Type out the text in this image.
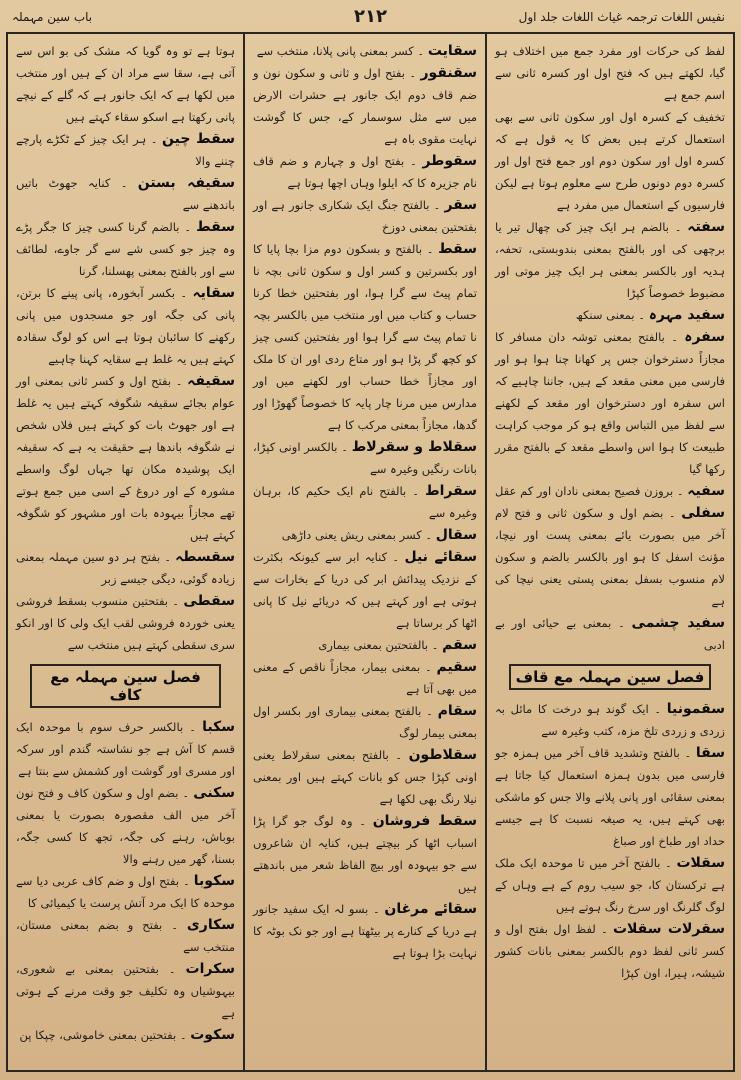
نفیس اللغات ترجمہ غیاث اللغات جلد اول
۲۱۲
باب سین مہملہ

لفظ کی حرکات اور مفرد جمع میں اختلاف ہو گیا، لکھتے ہیں کہ فتح اول اور کسرہ ثانی سے اسم جمع ہے

تخفیف کے کسرہ اول اور سکون ثانی سے بھی استعمال کرتے ہیں بعض کا یہ قول ہے کہ کسرہ اول اور سکون دوم اور جمع فتح اول اور کسرہ دوم دونوں طرح سے معلوم ہوتا ہے لیکن فارسیوں کے استعمال میں مفرد ہے

سفتہ ۔ بالضم ہر ایک چیز کی چھال تیر یا برچھی کی اور بالفتح بمعنی بندوبستی، تحفہ، ہدیہ اور بالکسر بمعنی ہر ایک چیز موتی اور مضبوط خصوصاً کپڑا

سفید مہرہ ۔ بمعنی سنکھ

سفرہ ۔ بالفتح بمعنی توشہ دان مسافر کا مجازاً دسترخوان جس پر کھانا چنا ہوا ہو اور فارسی میں معنی مقعد کے ہیں، جاننا چاہیے کہ اس سفرہ اور دسترخوان اور مقعد کے لکھنے سے لفظ میں التباس واقع ہو کر موجب کراہت طبیعت کا ہوا اس واسطے مقعد کے بالفتح مقرر رکھا گیا

سفیہ ۔ بروزن فصیح بمعنی نادان اور کم عقل

سفلی ۔ بضم اول و سکون ثانی و فتح لام آخر میں بصورت یائے بمعنی پست اور نیچا، مؤنث اسفل کا ہو اور بالکسر بالضم و سکون لام منسوب بسفل بمعنی پستی یعنی نیچا کی ہے

سفید چشمی ۔ بمعنی بے حیائی اور بے ادبی

فصل سین مہملہ مع قاف

سقمونیا ۔ ایک گوند ہو درخت کا مائل بہ زردی و زردی تلخ مزہ، کتب وغیرہ سے

سقا ۔ بالفتح وتشدید قاف آخر میں ہمزہ جو فارسی میں بدون ہمزہ استعمال کیا جاتا ہے بمعنی سقائی اور پانی پلانے والا جس کو ماشکی بھی کہتے ہیں، یہ صیغہ نسبت کا ہے جیسے حداد اور طباخ اور صباغ

سقلات ۔ بالفتح آخر میں تا موحدہ ایک ملک ہے ترکستان کا، جو سیب روم کے ہے وہاں کے لوگ گلرنگ اور سرخ رنگ ہوتے ہیں

سقرلات سقلات ۔ لفظ اول بفتح اول و کسر ثانی لفظ دوم بالکسر بمعنی بانات کشور شیشہ، ہیرا، اون کپڑا

سقایت ۔ کسر بمعنی پانی پلانا، منتخب سے

سقنقور ۔ بفتح اول و ثانی و سکون نون و ضم قاف دوم ایک جانور ہے حشرات الارض میں سے مثل سوسمار کے، جس کا گوشت نہایت مقوی باہ ہے

سقوطر ۔ بفتح اول و چہارم و ضم قاف نام جزیرہ کا کہ ایلوا وہاں اچھا ہوتا ہے

سقر ۔ بالفتح جنگ ایک شکاری جانور ہے اور بفتحتین بمعنی دوزخ

سقط ۔ بالفتح و بسکون دوم مزا بچا پایا کا اور بکسرتین و کسر اول و سکون ثانی بچہ نا تمام پیٹ سے گرا ہوا، اور بفتحتین خطا کرنا حساب و کتاب میں اور منتخب میں بالکسر بچہ نا تمام پیٹ سے گرا ہوا اور بفتحتین کسی چیز کو کچھ گر پڑا ہو اور متاع ردی اور ان کا ملک اور مجازاً خطا حساب اور لکھنے میں اور مدارس میں مرنا چار پایہ کا خصوصاً گھوڑا اور گدھا، مجازاً بمعنی مرکب کا ہے

سقلاط و سقرلاط ۔ بالکسر اونی کپڑا، بانات رنگیں وغیرہ سے

سقراط ۔ بالفتح نام ایک حکیم کا، برہان وغیرہ سے

سقال ۔ کسر بمعنی ریش یعنی داڑھی

سقائے نیل ۔ کنایہ ابر سے کیونکہ بکثرت کے نزدیک پیدائش ابر کی دریا کے بخارات سے ہوتی ہے اور کہتے ہیں کہ دریائے نیل کا پانی اٹھا کر برساتا ہے

سقم ۔ بالفتحتین بمعنی بیماری

سقیم ۔ بمعنی بیمار، مجازاً ناقص کے معنی میں بھی آتا ہے

سقام ۔ بالفتح بمعنی بیماری اور بکسر اول بمعنی بیمار لوگ

سقلاطون ۔ بالفتح بمعنی سقرلاط یعنی اونی کپڑا جس کو بانات کہتے ہیں اور بمعنی نیلا رنگ بھی لکھا ہے

سقط فروشان ۔ وہ لوگ جو گرا پڑا اسباب اٹھا کر بیچتے ہیں، کنایہ ان شاعروں سے جو بیہودہ اور بیچ الفاظ شعر میں باندھتے ہیں

سقائے مرغان ۔ بسو لہ ایک سفید جانور ہے دریا کے کنارے پر بیٹھتا ہے اور جو نک بوٹہ کا نہایت بڑا ہوتا ہے

ہوتا ہے تو وہ گویا کہ مشک کی بو اس سے آتی ہے، سقا سے مراد ان کے ہیں اور منتخب میں لکھا ہے کہ ایک جانور ہے کہ گلے کے نیچے پانی رکھتا ہے اسکو سقاء کہتے ہیں

سقط چین ۔ ہر ایک چیز کے ٹکڑے پارچے چننے والا

سقیفہ بستن ۔ کنایہ جھوٹ باتیں باندھنے سے

سقط ۔ بالضم گرنا کسی چیز کا جگر پڑے وہ چیز جو کسی شے سے گر جاوے، لطائف سے اور بالفتح بمعنی پھسلنا، گرنا

سقایہ ۔ بکسر آبخورہ، پانی پینے کا برتن، پانی کی جگہ اور جو مسجدوں میں پانی رکھنے کا سائبان ہوتا ہے اس کو لوگ سقادہ کہتے ہیں یہ غلط ہے سقایہ کہنا چاہیے

سقیفہ ۔ بفتح اول و کسر ثانی بمعنی اور عوام بجائے سقیفہ شگوفہ کہتے ہیں یہ غلط ہے اور جھوٹ بات کو کہتے ہیں فلاں شخص نے شگوفہ باندھا ہے حقیقت یہ ہے کہ سقیفہ ایک پوشیدہ مکان تھا جہاں لوگ واسطے مشورہ کے اور دروغ کے اسی میں جمع ہوتے تھے مجازاً بیہودہ بات اور مشہور کو شگوفہ کہتے ہیں

سقسطہ ۔ بفتح ہر دو سین مہملہ بمعنی زیادہ گوئی، دیگی جیسے زبر

سقطی ۔ بفتحتین منسوب بسقط فروشی یعنی خوردہ فروشی لقب ایک ولی کا اور انکو سری سقطی کہتے ہیں منتخب سے

فصل سین مہملہ مع کاف

سکبا ۔ بالکسر حرف سوم با موحدہ ایک قسم کا آش ہے جو نشاستہ گندم اور سرکہ اور مسری اور گوشت اور کشمش سے بنتا ہے

سکنی ۔ بضم اول و سکون کاف و فتح نون آخر میں الف مقصورہ بصورت یا بمعنی بوباش، رہنے کی جگہ، تجھ کا کسی جگہ، بسنا، گھر میں رہنے والا

سکوبا ۔ بفتح اول و ضم کاف عربی دیا سے موحدہ کا ایک مرد آتش پرست یا کیمیائی کا

سکاری ۔ بفتح و بضم بمعنی مستان، منتخب سے

سکرات ۔ بفتحتین بمعنی بے شعوری، بیہوشیاں وہ تکلیف جو وقت مرنے کے ہوتی ہے

سکوت ۔ بفتحتین بمعنی خاموشی، چپکا پن
